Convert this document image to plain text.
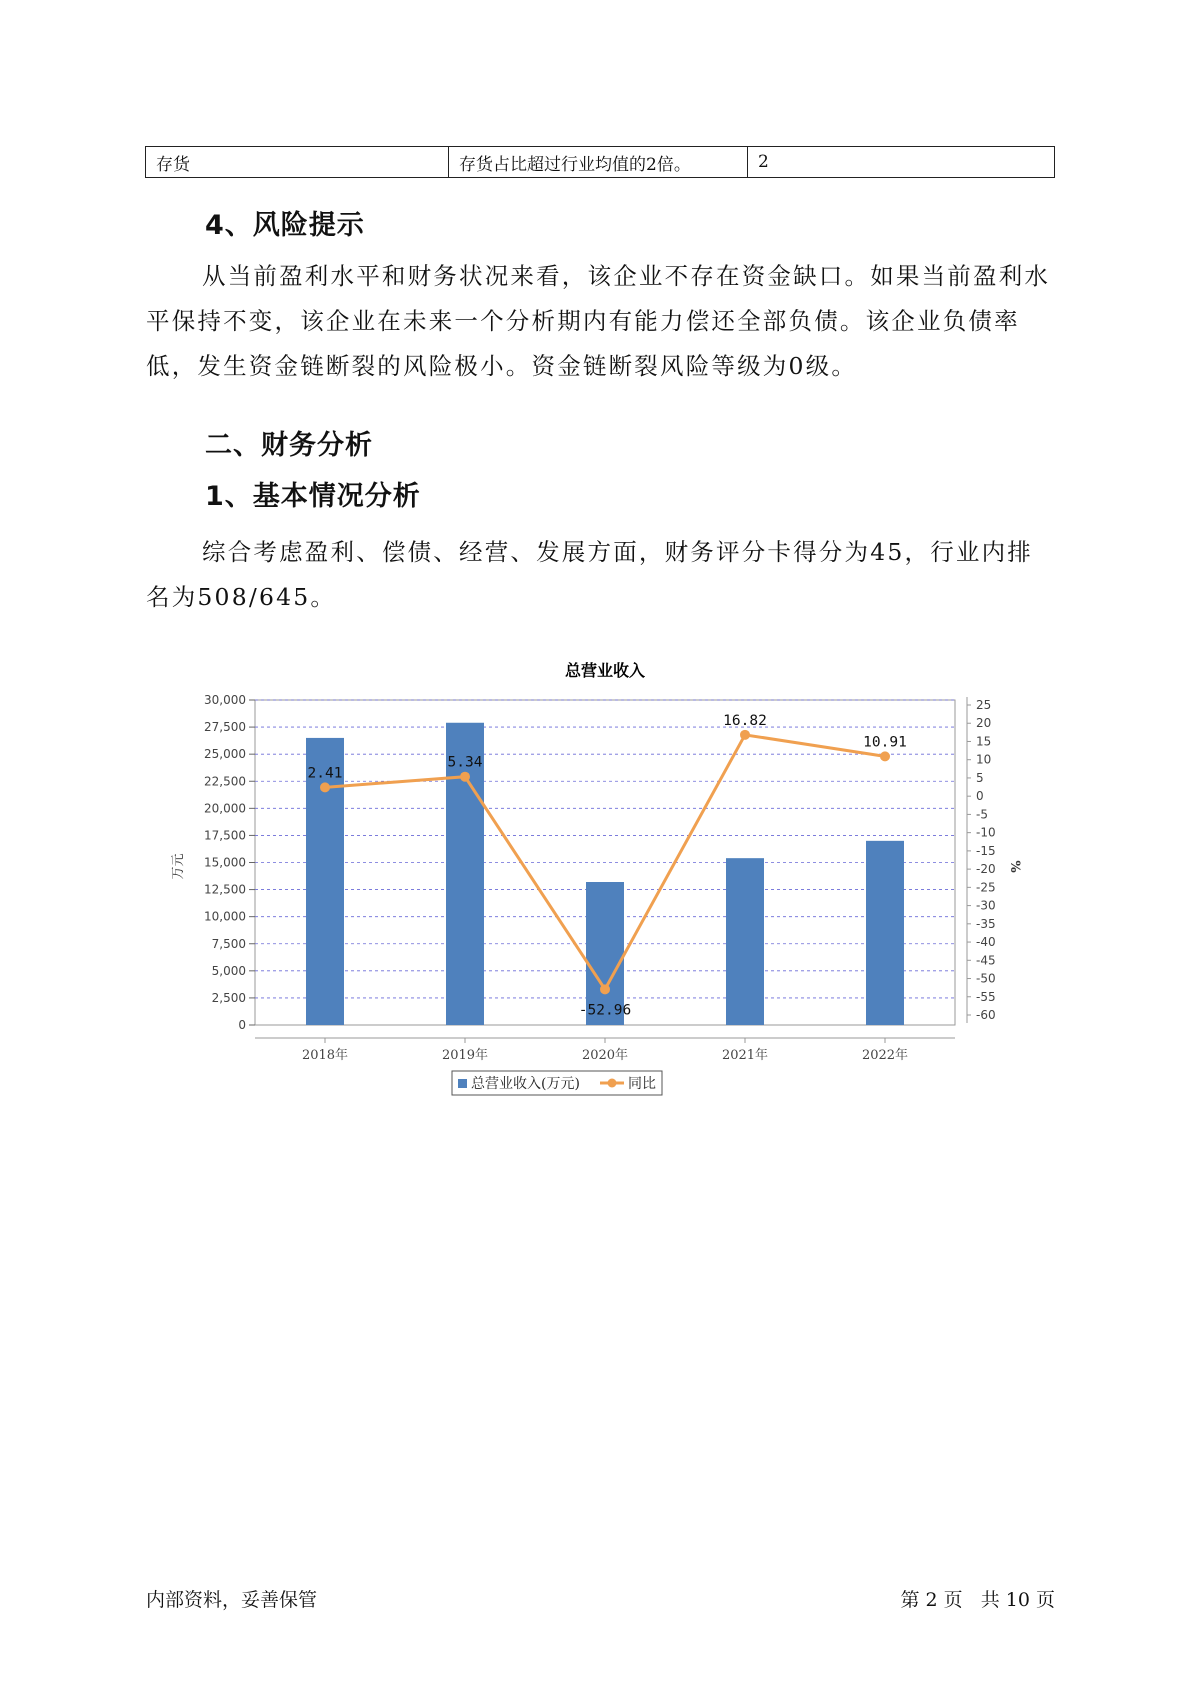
存货	存货占比超过行业均值的2倍。	2
4、风险提示

从当前盈利水平和财务状况来看，该企业不存在资金缺口。如果当前盈利水平保持不变，该企业在未来一个分析期内有能力偿还全部负债。该企业负债率低，发生资金链断裂的风险极小。资金链断裂风险等级为0级。

二、财务分析
1、基本情况分析

综合考虑盈利、偿债、经营、发展方面，财务评分卡得分为45，行业内排名为508/645。

总营业收入
0
2,500
5,000
7,500
10,000
12,500
15,000
17,500
20,000
22,500
25,000
27,500
30,000
万元
25
20
15
10
5
0
-5
-10
-15
-20
-25
-30
-35
-40
-45
-50
-55
-60
%
2018年	2019年	2020年	2021年	2022年
2.41
5.34
-52.96
16.82
10.91
总营业收入(万元)	同比
内部资料，妥善保管	第 2 页   共 10 页
